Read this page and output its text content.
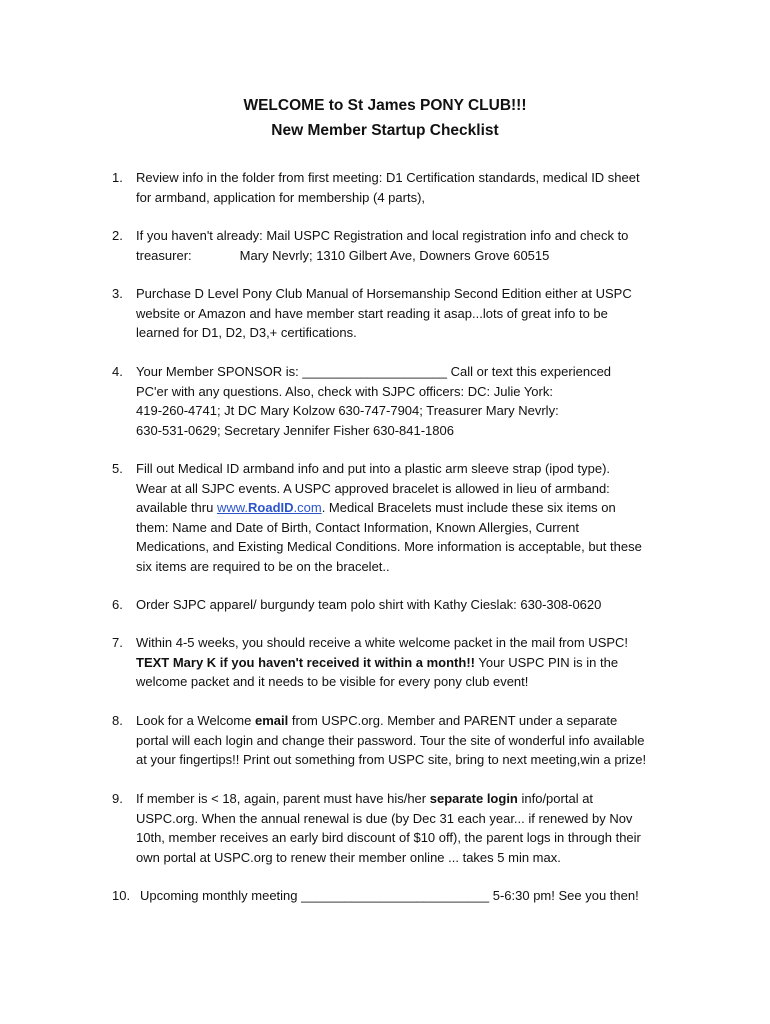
WELCOME to St James PONY CLUB!!!
New Member Startup Checklist
1. Review info in the folder from first meeting: D1 Certification standards, medical ID sheet
for armband, application for membership (4 parts),
2. If you haven't already: Mail USPC Registration and local registration info and check to
treasurer:	Mary Nevrly; 1310 Gilbert Ave, Downers Grove 60515
3. Purchase D Level Pony Club Manual of Horsemanship Second Edition either at USPC
website or Amazon and have member start reading it asap...lots of great info to be
learned for D1, D2, D3,+ certifications.
4. Your Member SPONSOR is: ____________________ Call or text this experienced
PC'er with any questions. Also, check with SJPC officers: DC: Julie York:
419-260-4741; Jt DC Mary Kolzow 630-747-7904; Treasurer Mary Nevrly:
630-531-0629; Secretary Jennifer Fisher 630-841-1806
5. Fill out Medical ID armband info and put into a plastic arm sleeve strap (ipod type).
Wear at all SJPC events. A USPC approved bracelet is allowed in lieu of armband:
available thru www.RoadID.com. Medical Bracelets must include these six items on
them: Name and Date of Birth, Contact Information, Known Allergies, Current
Medications, and Existing Medical Conditions. More information is acceptable, but these
six items are required to be on the bracelet..
6. Order SJPC apparel/ burgundy team polo shirt with Kathy Cieslak: 630-308-0620
7. Within 4-5 weeks, you should receive a white welcome packet in the mail from USPC!
TEXT Mary K if you haven't received it within a month!! Your USPC PIN is in the
welcome packet and it needs to be visible for every pony club event!
8. Look for a Welcome email from USPC.org. Member and PARENT under a separate
portal will each login and change their password. Tour the site of wonderful info available
at your fingertips!! Print out something from USPC site, bring to next meeting,win a prize!
9. If member is < 18, again, parent must have his/her separate login info/portal at
USPC.org. When the annual renewal is due (by Dec 31 each year... if renewed by Nov
10th, member receives an early bird discount of $10 off), the parent logs in through their
own portal at USPC.org to renew their member online ... takes 5 min max.
10. Upcoming monthly meeting __________________________ 5-6:30 pm! See you then!
